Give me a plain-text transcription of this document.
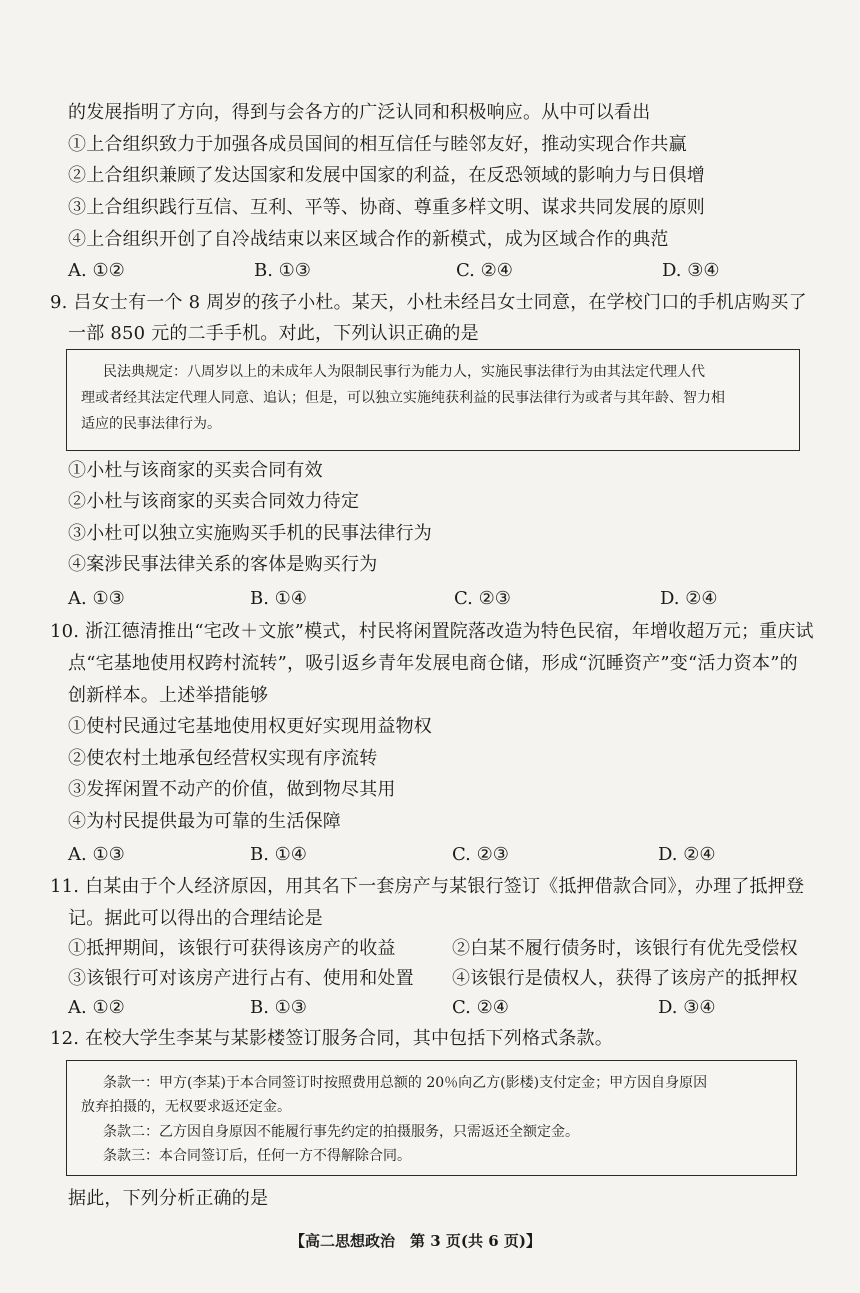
的发展指明了方向，得到与会各方的广泛认同和积极响应。从中可以看出
①上合组织致力于加强各成员国间的相互信任与睦邻友好，推动实现合作共赢
②上合组织兼顾了发达国家和发展中国家的利益，在反恐领域的影响力与日俱增
③上合组织践行互信、互利、平等、协商、尊重多样文明、谋求共同发展的原则
④上合组织开创了自冷战结束以来区域合作的新模式，成为区域合作的典范
A. ①②	B. ①③	C. ②④	D. ③④
9. 吕女士有一个 8 周岁的孩子小杜。某天，小杜未经吕女士同意，在学校门口的手机店购买了
一部 850 元的二手手机。对此，下列认识正确的是
民法典规定：八周岁以上的未成年人为限制民事行为能力人，实施民事法律行为由其法定代理人代
理或者经其法定代理人同意、追认；但是，可以独立实施纯获利益的民事法律行为或者与其年龄、智力相
适应的民事法律行为。
①小杜与该商家的买卖合同有效
②小杜与该商家的买卖合同效力待定
③小杜可以独立实施购买手机的民事法律行为
④案涉民事法律关系的客体是购买行为
A. ①③	B. ①④	C. ②③	D. ②④
10. 浙江德清推出“宅改＋文旅”模式，村民将闲置院落改造为特色民宿，年增收超万元；重庆试
点“宅基地使用权跨村流转”，吸引返乡青年发展电商仓储，形成“沉睡资产”变“活力资本”的
创新样本。上述举措能够
①使村民通过宅基地使用权更好实现用益物权
②使农村土地承包经营权实现有序流转
③发挥闲置不动产的价值，做到物尽其用
④为村民提供最为可靠的生活保障
A. ①③	B. ①④	C. ②③	D. ②④
11. 白某由于个人经济原因，用其名下一套房产与某银行签订《抵押借款合同》，办理了抵押登
记。据此可以得出的合理结论是
①抵押期间，该银行可获得该房产的收益	②白某不履行债务时，该银行有优先受偿权
③该银行可对该房产进行占有、使用和处置 ④该银行是债权人，获得了该房产的抵押权
A. ①②	B. ①③	C. ②④	D. ③④
12. 在校大学生李某与某影楼签订服务合同，其中包括下列格式条款。
条款一：甲方(李某)于本合同签订时按照费用总额的 20％向乙方(影楼)支付定金；甲方因自身原因
放弃拍摄的，无权要求返还定金。
条款二：乙方因自身原因不能履行事先约定的拍摄服务，只需返还全额定金。
条款三：本合同签订后，任何一方不得解除合同。
据此，下列分析正确的是
【高二思想政治　第 3 页(共 6 页)】
